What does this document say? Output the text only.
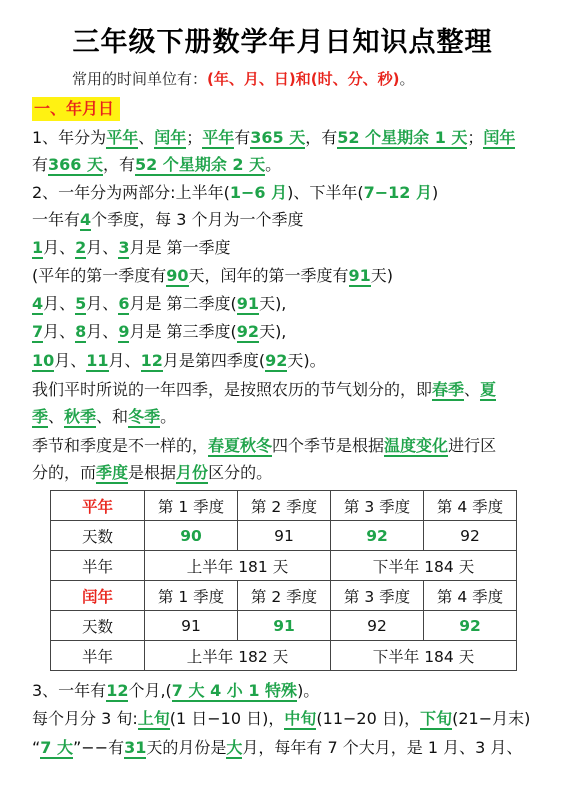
三年级下册数学年月日知识点整理
常用的时间单位有：(年、月、日)和(时、分、秒)。
一、年月日
1、年分为平年、闰年；平年有365 天，有52 个星期余 1 天；闰年
有366 天，有52 个星期余 2 天。
2、一年分为两部分:上半年(1−6 月)、下半年(7−12 月)
一年有4个季度，每 3 个月为一个季度
1月、2月、3月是 第一季度
(平年的第一季度有90天，闰年的第一季度有91天)
4月、5月、6月是 第二季度(91天),
7月、8月、9月是 第三季度(92天),
10月、11月、12月是第四季度(92天)。
我们平时所说的一年四季，是按照农历的节气划分的，即春季、夏
季、秋季、和冬季。
季节和季度是不一样的，春夏秋冬四个季节是根据温度变化进行区
分的，而季度是根据月份区分的。
平年	第 1 季度	第 2 季度	第 3 季度	第 4 季度
天数	90	91	92	92
半年	上半年 181 天		下半年 184 天	
闰年	第 1 季度	第 2 季度	第 3 季度	第 4 季度
天数	91	91	92	92
半年	上半年 182 天		下半年 184 天	
3、一年有12个月,(7 大 4 小 1 特殊)。
每个月分 3 旬:上旬(1 日−10 日)，中旬(11−20 日)，下旬(21−月末)
“7 大”−−有31天的月份是大月，每年有 7 个大月，是 1 月、3 月、
